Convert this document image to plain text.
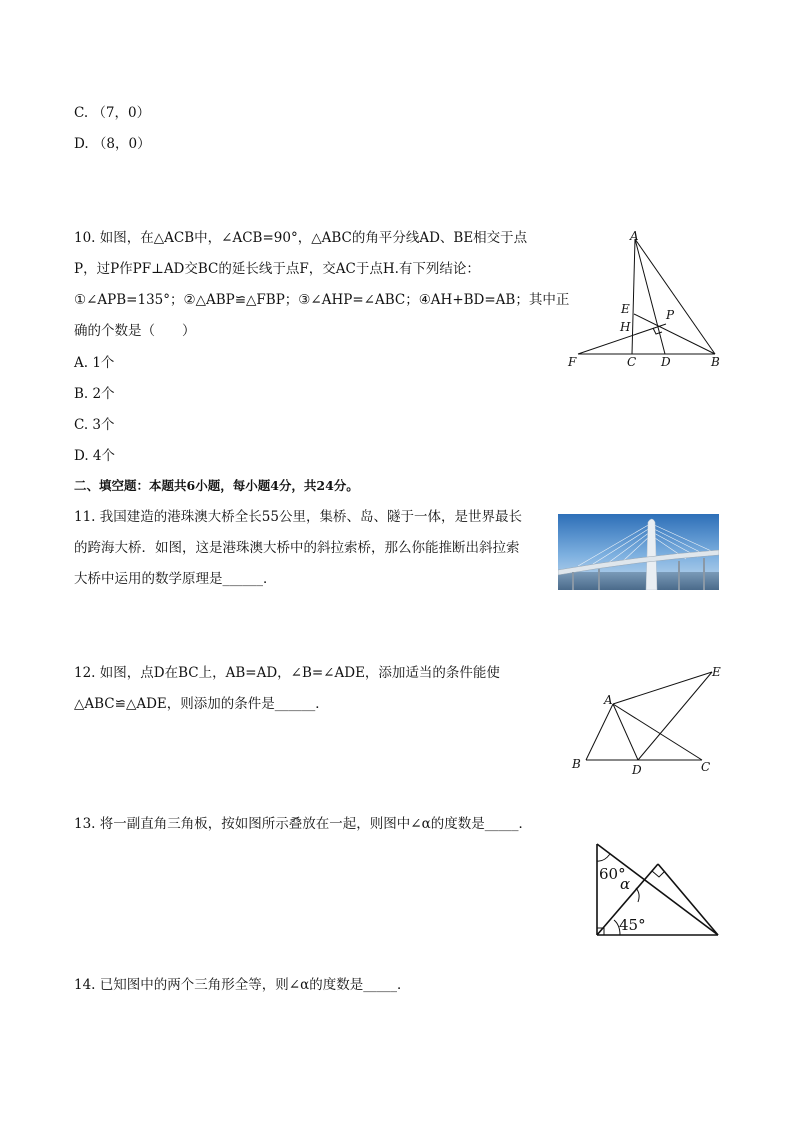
C. （7，0）
D. （8，0）
10. 如图，在△ACB中，∠ACB=90°，△ABC的角平分线AD、BE相交于点
P，过P作PF⊥AD交BC的延长线于点F，交AC于点H.有下列结论：
①∠APB=135°；②△ABP≌△FBP；③∠AHP=∠ABC；④AH+BD=AB；其中正
确的个数是（　　）
A. 1个
B. 2个
C. 3个
D. 4个
A
E
H
P
F	C D	B
二、填空题：本题共6小题，每小题4分，共24分。
11. 我国建造的港珠澳大桥全长55公里，集桥、岛、隧于一体，是世界最长
的跨海大桥．如图，这是港珠澳大桥中的斜拉索桥，那么你能推断出斜拉索
大桥中运用的数学原理是______．
12. 如图，点D在BC上，AB=AD，∠B=∠ADE，添加适当的条件能使
△ABC≌△ADE，则添加的条件是______．	A
B	D	C
E
13. 将一副直角三角板，按如图所示叠放在一起，则图中∠α的度数是_____．
60°
α
45°
14. 已知图中的两个三角形全等，则∠α的度数是_____．
